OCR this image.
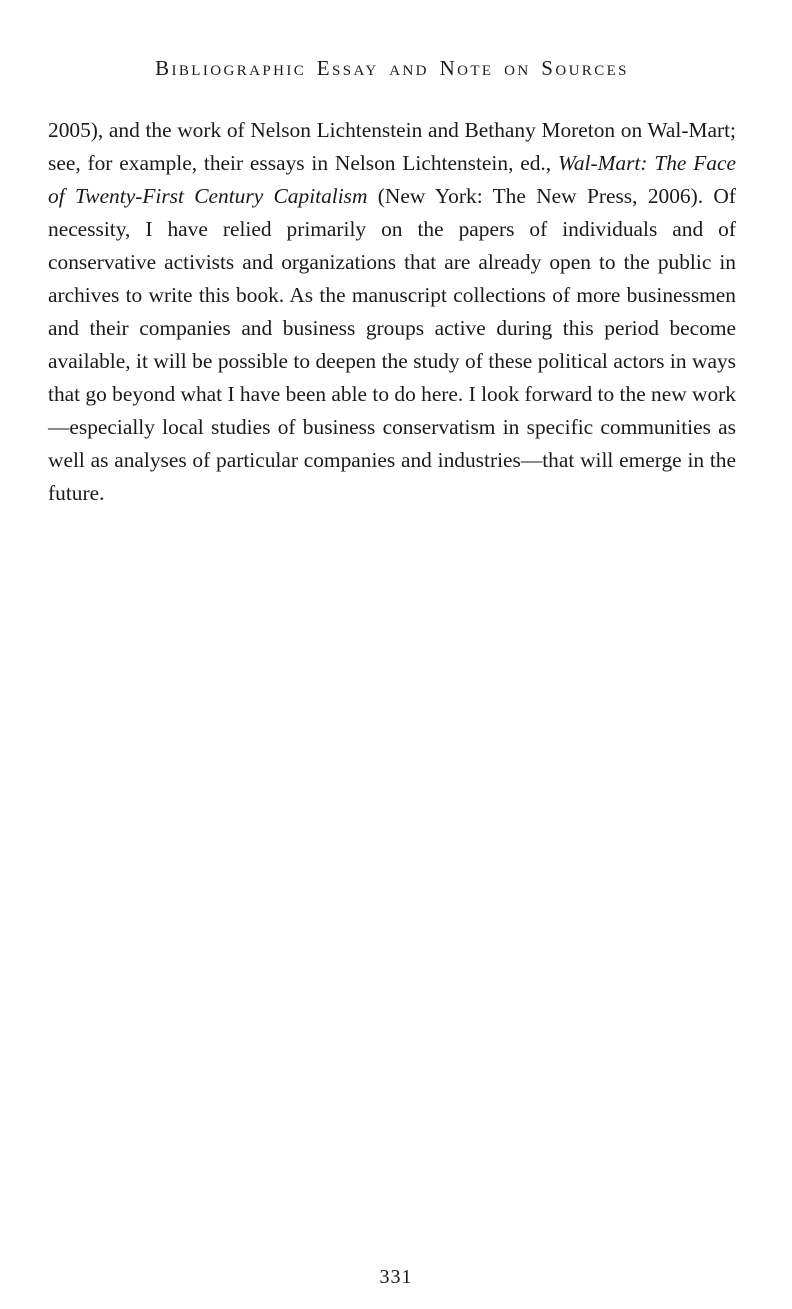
Bibliographic Essay and Note on Sources

2005), and the work of Nelson Lichtenstein and Bethany Moreton on Wal-Mart; see, for example, their essays in Nelson Lichtenstein, ed., Wal-Mart: The Face of Twenty-First Century Capitalism (New York: The New Press, 2006). Of necessity, I have relied primarily on the papers of individuals and of conservative activists and organizations that are already open to the public in archives to write this book. As the manuscript collections of more businessmen and their companies and business groups active during this period become available, it will be possible to deepen the study of these political actors in ways that go beyond what I have been able to do here. I look forward to the new work—especially local studies of business conservatism in specific communities as well as analyses of particular companies and industries—that will emerge in the future.

331
